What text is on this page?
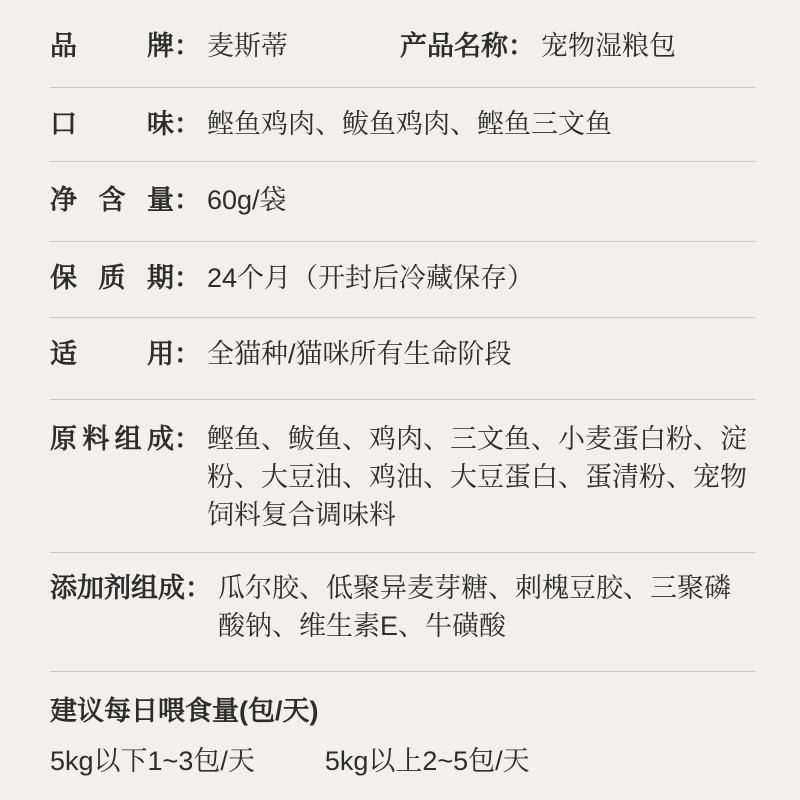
品牌 ： 麦斯蒂	产品名称 ： 宠物湿粮包
口味 ： 鲣鱼鸡肉、鲅鱼鸡肉、鲣鱼三文鱼
净含量 ： 60g/袋
保质期 ： 24个月（开封后冷藏保存）
适用 ： 全猫种/猫咪所有生命阶段
原料组成 ： 鲣鱼、鲅鱼、鸡肉、三文鱼、小麦蛋白粉、淀粉、大豆油、鸡油、大豆蛋白、蛋清粉、宠物饲料复合调味料
添加剂组成 ： 瓜尔胶、低聚异麦芽糖、刺槐豆胶、三聚磷酸钠、维生素E、牛磺酸
建议每日喂食量(包/天)
5kg以下1~3包/天	5kg以上2~5包/天
